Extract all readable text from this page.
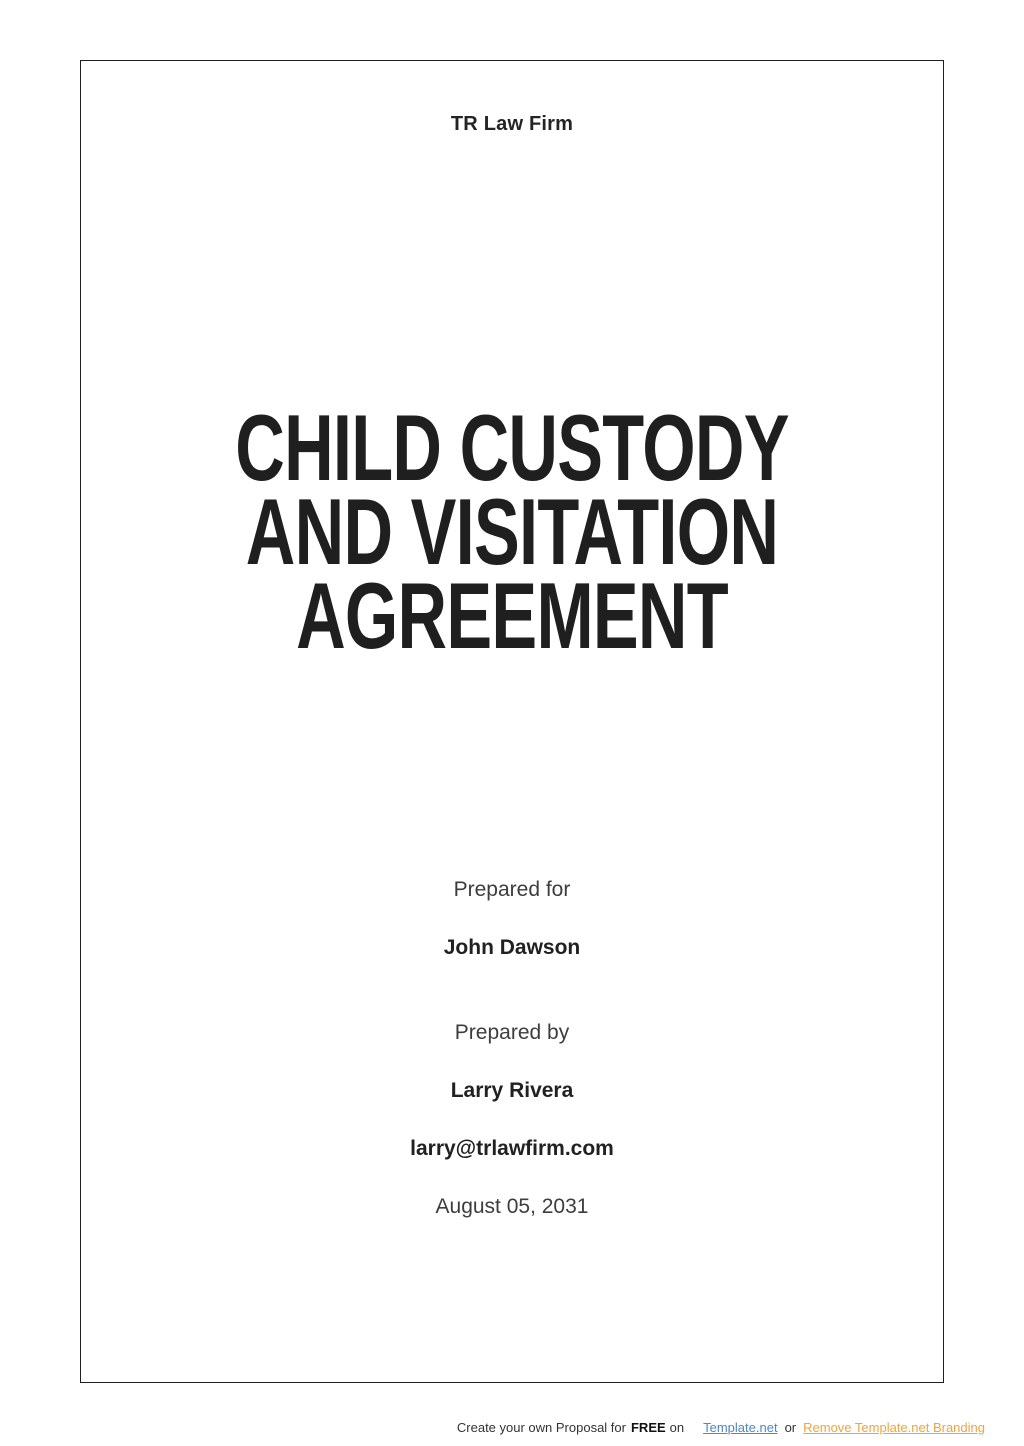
TR Law Firm
CHILD CUSTODY
AND VISITATION
AGREEMENT
Prepared for
John Dawson
Prepared by
Larry Rivera
larry@trlawfirm.com
August 05, 2031
Create your own Proposal for FREE on Template.net or Remove Template.net Branding
